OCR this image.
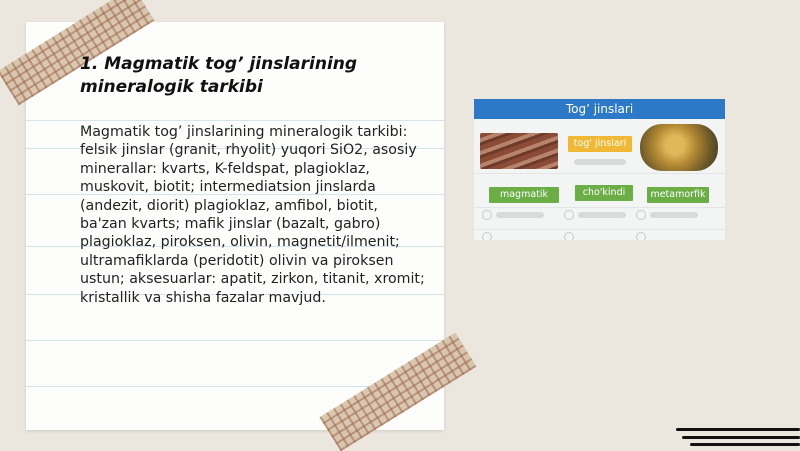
1. Magmatik tog’ jinslarining mineralogik tarkibi

Magmatik tog’ jinslarining mineralogik tarkibi: felsik jinslar (granit, rhyolit) yuqori SiO2, asosiy minerallar: kvarts, K-feldspat, plagioklaz, muskovit, biotit; intermediatsion jinslarda (andezit, diorit) plagioklaz, amfibol, biotit, ba'zan kvarts; mafik jinslar (bazalt, gabro) plagioklaz, piroksen, olivin, magnetit/ilmenit; ultramafiklarda (peridotit) olivin va piroksen ustun; aksesuarlar: apatit, zirkon, titanit, xromit; kristallik va shisha fazalar mavjud.

Tog’ jinslari
tog' jinslari
magmatik	cho'kindi	metamorfik
